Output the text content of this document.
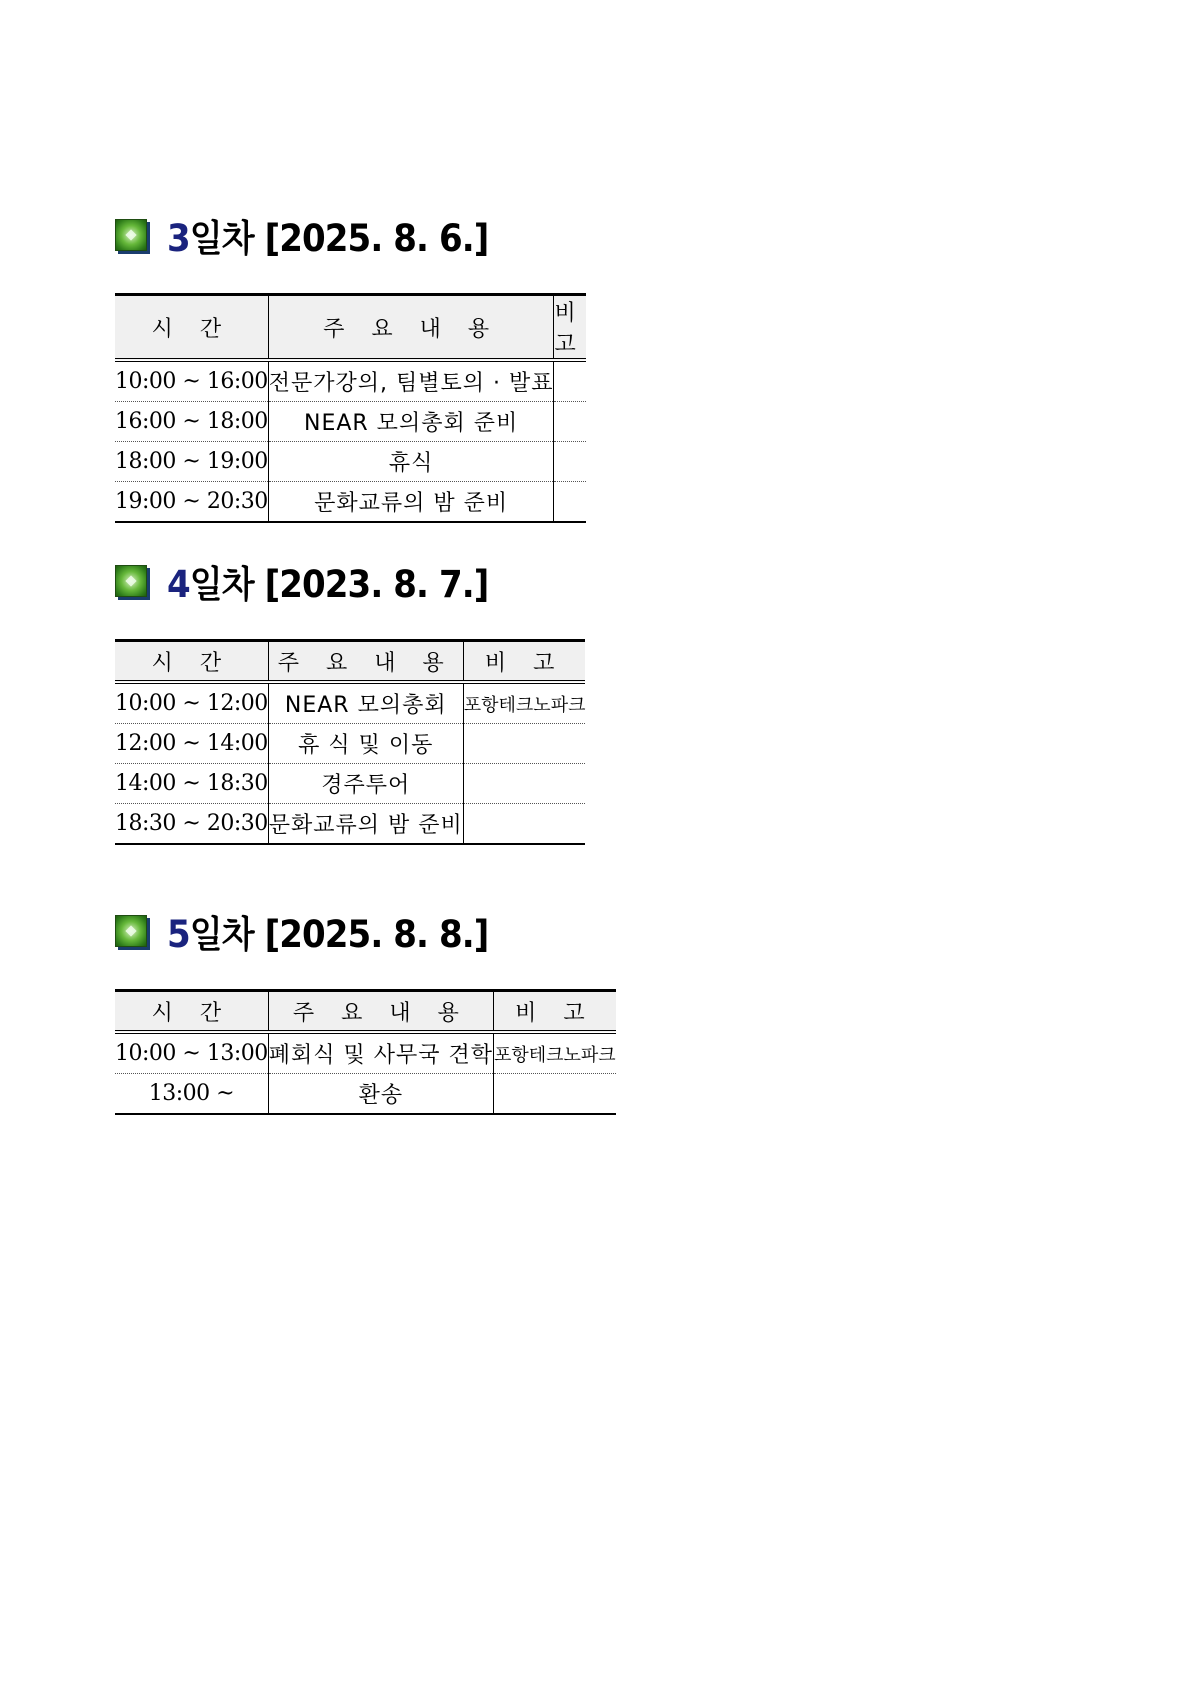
3일차 [2025. 8. 6.]
시 간	주 요 내 용	비 고
10:00 ~ 16:00	전문가강의, 팀별토의 · 발표	
16:00 ~ 18:00	NEAR 모의총회 준비	
18:00 ~ 19:00	휴식	
19:00 ~ 20:30	문화교류의 밤 준비	
4일차 [2023. 8. 7.]
시 간	주 요 내 용	비 고
10:00 ~ 12:00	NEAR 모의총회	포항테크노파크
12:00 ~ 14:00	휴 식 및 이동	
14:00 ~ 18:30	경주투어	
18:30 ~ 20:30	문화교류의 밤 준비	
5일차 [2025. 8. 8.]
시 간	주 요 내 용	비 고
10:00 ~ 13:00	폐회식 및 사무국 견학	포항테크노파크
13:00 ~	환송	
